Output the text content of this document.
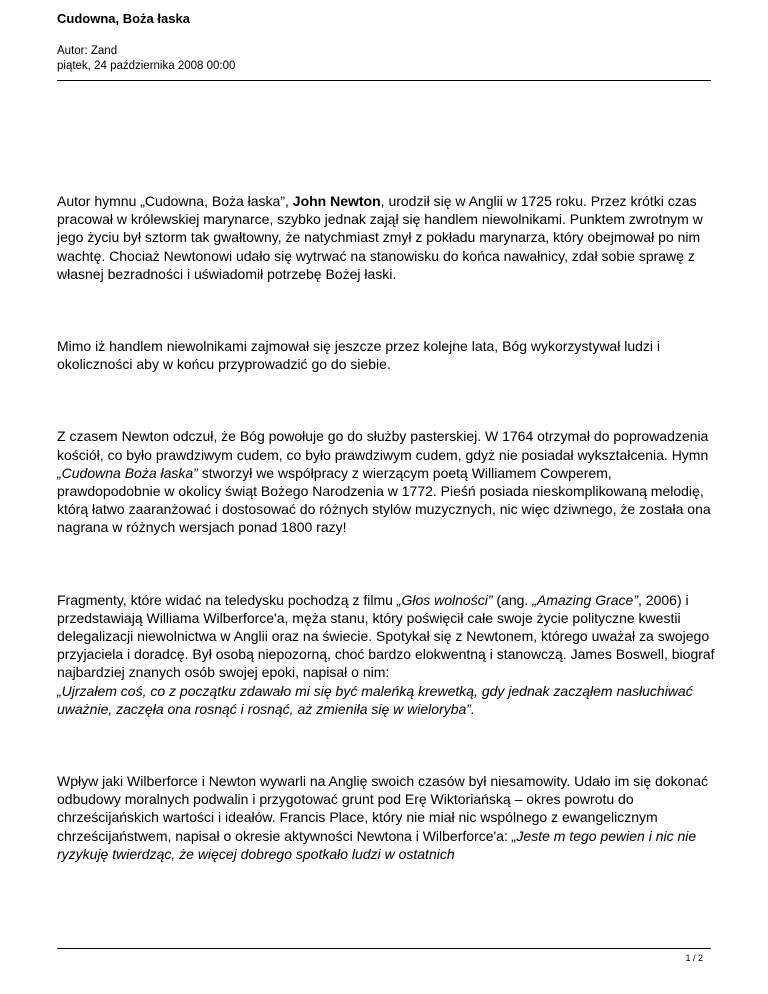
Cudowna, Boża łaska
Autor: Zand
piątek, 24 października 2008 00:00

Autor hymnu „Cudowna, Boża łaska”, John Newton, urodził się w Anglii w 1725 roku. Przez krótki czas pracował w królewskiej marynarce, szybko jednak zajął się handlem niewolnikami. Punktem zwrotnym w jego życiu był sztorm tak gwałtowny, że natychmiast zmył z pokładu marynarza, który obejmował po nim wachtę. Chociaż Newtonowi udało się wytrwać na stanowisku do końca nawałnicy, zdał sobie sprawę z własnej bezradności i uświadomił potrzebę Bożej łaski.

Mimo iż handlem niewolnikami zajmował się jeszcze przez kolejne lata, Bóg wykorzystywał ludzi i okoliczności aby w końcu przyprowadzić go do siebie.

Z czasem Newton odczuł, że Bóg powołuje go do służby pasterskiej. W 1764 otrzymał do poprowadzenia kościół, co było prawdziwym cudem, co było prawdziwym cudem, gdyż nie posiadał wykształcenia. Hymn „Cudowna Boża łaska” stworzył we współpracy z wierzącym poetą Williamem Cowperem, prawdopodobnie w okolicy świąt Bożego Narodzenia w 1772. Pieśń posiada nieskomplikowaną melodię, którą łatwo zaaranżować i dostosować do różnych stylów muzycznych, nic więc dziwnego, że została ona nagrana w różnych wersjach ponad 1800 razy!

Fragmenty, które widać na teledysku pochodzą z filmu „Głos wolności” (ang. „Amazing Grace”, 2006) i przedstawiają Williama Wilberforce'a, męża stanu, który poświęcił całe swoje życie polityczne kwestii delegalizacji niewolnictwa w Anglii oraz na świecie. Spotykał się z Newtonem, którego uważał za swojego przyjaciela i doradcę. Był osobą niepozorną, choć bardzo elokwentną i stanowczą. James Boswell, biograf najbardziej znanych osób swojej epoki, napisał o nim:
„Ujrzałem coś, co z początku zdawało mi się być maleńką krewetką, gdy jednak zacząłem nasłuchiwać uważnie, zaczęła ona rosnąć i rosnąć, aż zmieniła się w wieloryba”.

Wpływ jaki Wilberforce i Newton wywarli na Anglię swoich czasów był niesamowity. Udało im się dokonać odbudowy moralnych podwalin i przygotować grunt pod Erę Wiktoriańską – okres powrotu do chrześcijańskich wartości i ideałów. Francis Place, który nie miał nic wspólnego z ewangelicznym chrześcijaństwem, napisał o okresie aktywności Newtona i Wilberforce'a: „Jeste m tego pewien i nic nie ryzykuję twierdząc, że więcej dobrego spotkało ludzi w ostatnich

1 / 2
